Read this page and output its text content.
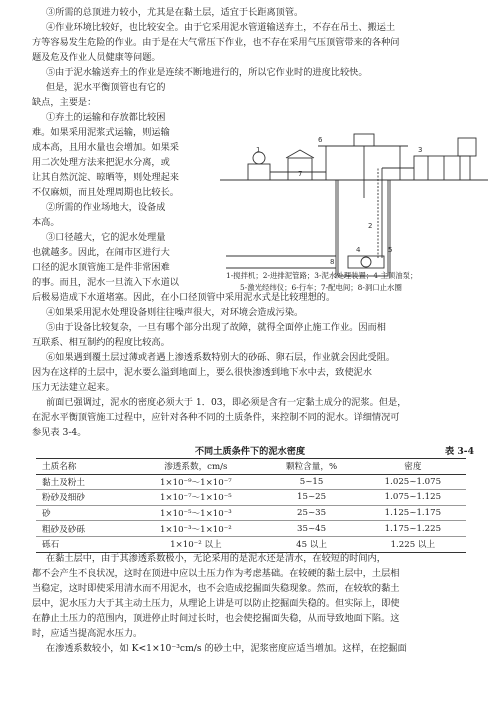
③所需的总顶进力较小，尤其是在黏土层，适宜于长距离顶管。
④作业环境比较好，也比较安全。由于它采用泥水管道输送弃土，不存在吊土、搬运土
方等容易发生危险的作业。由于是在大气常压下作业，也不存在采用气压顶管带来的各种问
题及危及作业人员健康等问题。
⑤由于泥水输送弃土的作业是连续不断地进行的，所以它作业时的进度比较快。
但是，泥水平衡顶管也有它的
缺点，主要是：
①弃土的运输和存放都比较困
难。如果采用泥浆式运输，则运输
成本高，且用水量也会增加。如果采
用二次处理方法来把泥水分离，或
让其自然沉淀、晾晒等，则处理起来
不仅麻烦，而且处理周期也比较长。
②所需的作业场地大，设备成
本高。
③口径越大，它的泥水处理量
也就越多。因此，在闹市区进行大
口径的泥水顶管施工是件非常困难
的事。而且，泥水一旦流入下水道以
后极易造成下水道堵塞。因此，在小口径顶管中采用泥水式是比较理想的。
④如果采用泥水处理设备则往往噪声很大，对环境会造成污染。
⑤由于设备比较复杂，一旦有哪个部分出现了故障，就得全面停止施工作业。因而相
互联系、相互制约的程度比较高。
1	3
2
4
6
7
8
5
1-搅拌机；2-进排泥管路；3-泥水处理装置；4-主顶油泵；
5-激光经纬仪；6-行车；7-配电间；8-洞口止水圈
不同土质条件下的泥水密度	表 3-4
土质名称	渗透系数，cm/s	颗粒含量，%	密度
黏土及粉土	1×10⁻⁹～1×10⁻⁷	5~15	1.025~1.075
粉砂及细砂	1×10⁻⁷～1×10⁻⁵	15~25	1.075~1.125
砂	1×10⁻⁵～1×10⁻³	25~35	1.125~1.175
粗砂及砂砾	1×10⁻³～1×10⁻²	35~45	1.175~1.225
砾石	1×10⁻² 以上	45 以上	1.225 以上
在黏土层中，由于其渗透系数极小，无论采用的是泥水还是清水，在较短的时间内，
都不会产生不良状况，这时在顶进中应以土压力作为考虑基础。在较硬的黏土层中，土层相
当稳定，这时即使采用清水而不用泥水，也不会造成挖掘面失稳现象。然而，在较软的黏土
层中，泥水压力大于其主动土压力，从理论上讲是可以防止挖掘面失稳的。但实际上，即使
在静止土压力的范围内，顶进停止时间过长时，也会使挖掘面失稳，从而导致地面下陷。这
时，应适当提高泥水压力。
在渗透系数较小，如 K<1×10⁻³cm/s 的砂土中，泥浆密度应适当增加。这样，在挖掘面
因为在这样的土层中，泥水要么溢到地面上，要么很快渗透到地下水中去，致使泥水
压力无法建立起来。
前面已强调过，泥水的密度必须大于 1．03，即必须是含有一定黏土成分的泥浆。但是，
在泥水平衡顶管施工过程中，应针对各种不同的土质条件，来控制不同的泥水。详细情况可
参见表 3-4。
⑥如果遇到覆土层过薄或者遇上渗透系数特别大的砂砾、卵石层，作业就会因此受阻。
